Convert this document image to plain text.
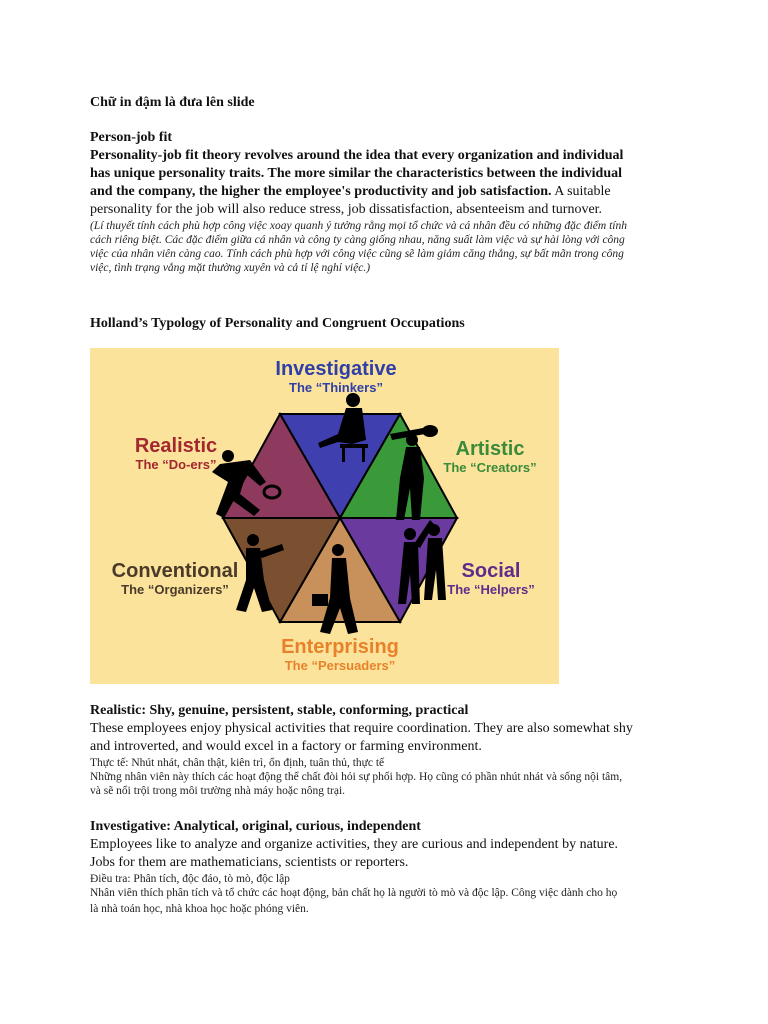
Chữ in đậm là đưa lên slide
Person-job fit
Personality-job fit theory revolves around the idea that every organization and individual
has unique personality traits. The more similar the characteristics between the individual
and the company, the higher the employee's productivity and job satisfaction. A suitable
personality for the job will also reduce stress, job dissatisfaction, absenteeism and turnover.
(Lí thuyết tính cách phù hợp công việc xoay quanh ý tưởng rằng mọi tổ chức và cá nhân đều có những đặc điểm tính
cách riêng biệt. Các đặc điểm giữa cá nhân và công ty càng giống nhau, năng suất làm việc và sự hài lòng với công
việc của nhân viên càng cao. Tính cách phù hợp với công việc cũng sẽ làm giảm căng thẳng, sự bất mãn trong công
việc, tình trạng vắng mặt thường xuyên và cả tỉ lệ nghỉ việc.)
Holland’s Typology of Personality and Congruent Occupations
Investigative
The “Thinkers”
Artistic
The “Creators”
Social
The “Helpers”
Enterprising
The “Persuaders”
Conventional
The “Organizers”
Realistic
The “Do-ers”
Realistic: Shy, genuine, persistent, stable, conforming, practical
These employees enjoy physical activities that require coordination. They are also somewhat shy
and introverted, and would excel in a factory or farming environment.
Thực tế: Nhút nhát, chân thật, kiên trì, ổn định, tuân thủ, thực tế
Những nhân viên này thích các hoạt động thể chất đòi hỏi sự phối hợp. Họ cũng có phần nhút nhát và sống nội tâm,
và sẽ nổi trội trong môi trường nhà máy hoặc nông trại.
Investigative: Analytical, original, curious, independent
Employees like to analyze and organize activities, they are curious and independent by nature.
Jobs for them are mathematicians, scientists or reporters.
Điều tra: Phân tích, độc đáo, tò mò, độc lập
Nhân viên thích phân tích và tổ chức các hoạt động, bản chất họ là người tò mò và độc lập. Công việc dành cho họ
là nhà toán học, nhà khoa học hoặc phóng viên.
